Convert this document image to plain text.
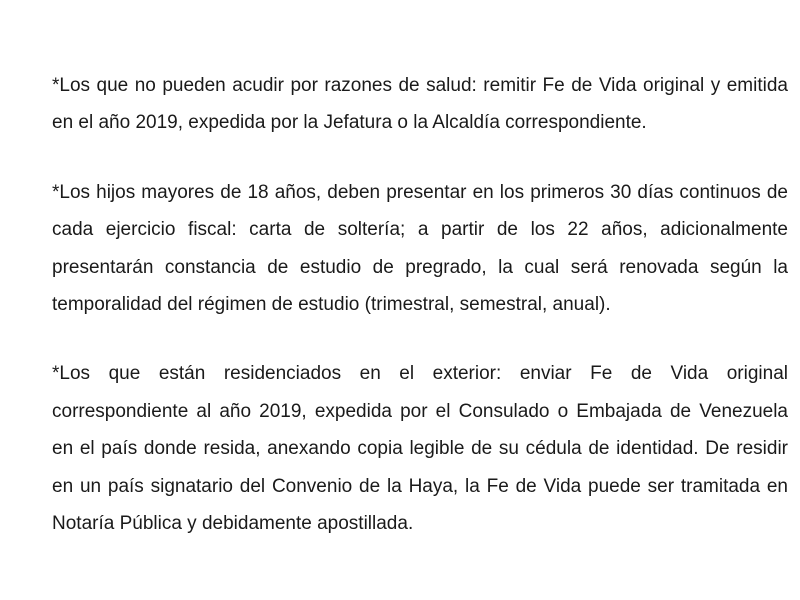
*Los que no pueden acudir por razones de salud: remitir Fe de Vida original y emitida
en el año 2019, expedida por la Jefatura o la Alcaldía correspondiente.
*Los hijos mayores de 18 años, deben presentar en los primeros 30 días continuos de
cada ejercicio fiscal: carta de soltería; a partir de los 22 años, adicionalmente
presentarán constancia de estudio de pregrado, la cual será renovada según la
temporalidad del régimen de estudio (trimestral, semestral, anual).
*Los que están residenciados en el exterior: enviar Fe de Vida original
correspondiente al año 2019, expedida por el Consulado o Embajada de Venezuela
en el país donde resida, anexando copia legible de su cédula de identidad. De residir
en un país signatario del Convenio de la Haya, la Fe de Vida puede ser tramitada en
Notaría Pública y debidamente apostillada.
